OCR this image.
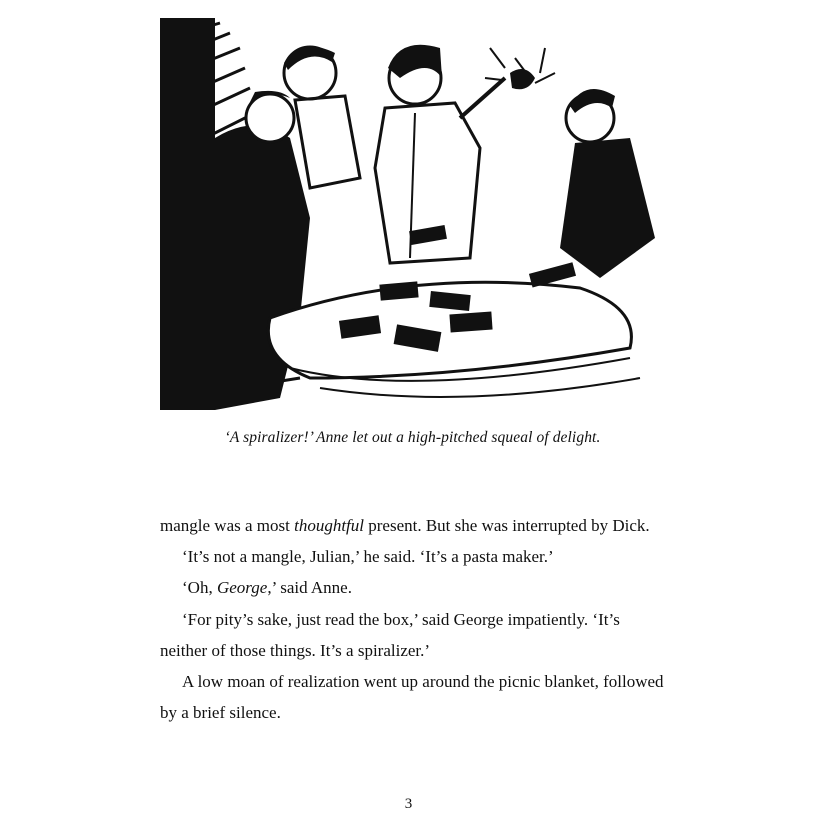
‘A spiralizer!’ Anne let out a high-pitched squeal of delight.

mangle was a most thoughtful present. But she was interrupted by Dick.

‘It’s not a mangle, Julian,’ he said. ‘It’s a pasta maker.’

‘Oh, George,’ said Anne.

‘For pity’s sake, just read the box,’ said George impatiently. ‘It’s neither of those things. It’s a spiralizer.’

A low moan of realization went up around the picnic blanket, followed by a brief silence.

3
